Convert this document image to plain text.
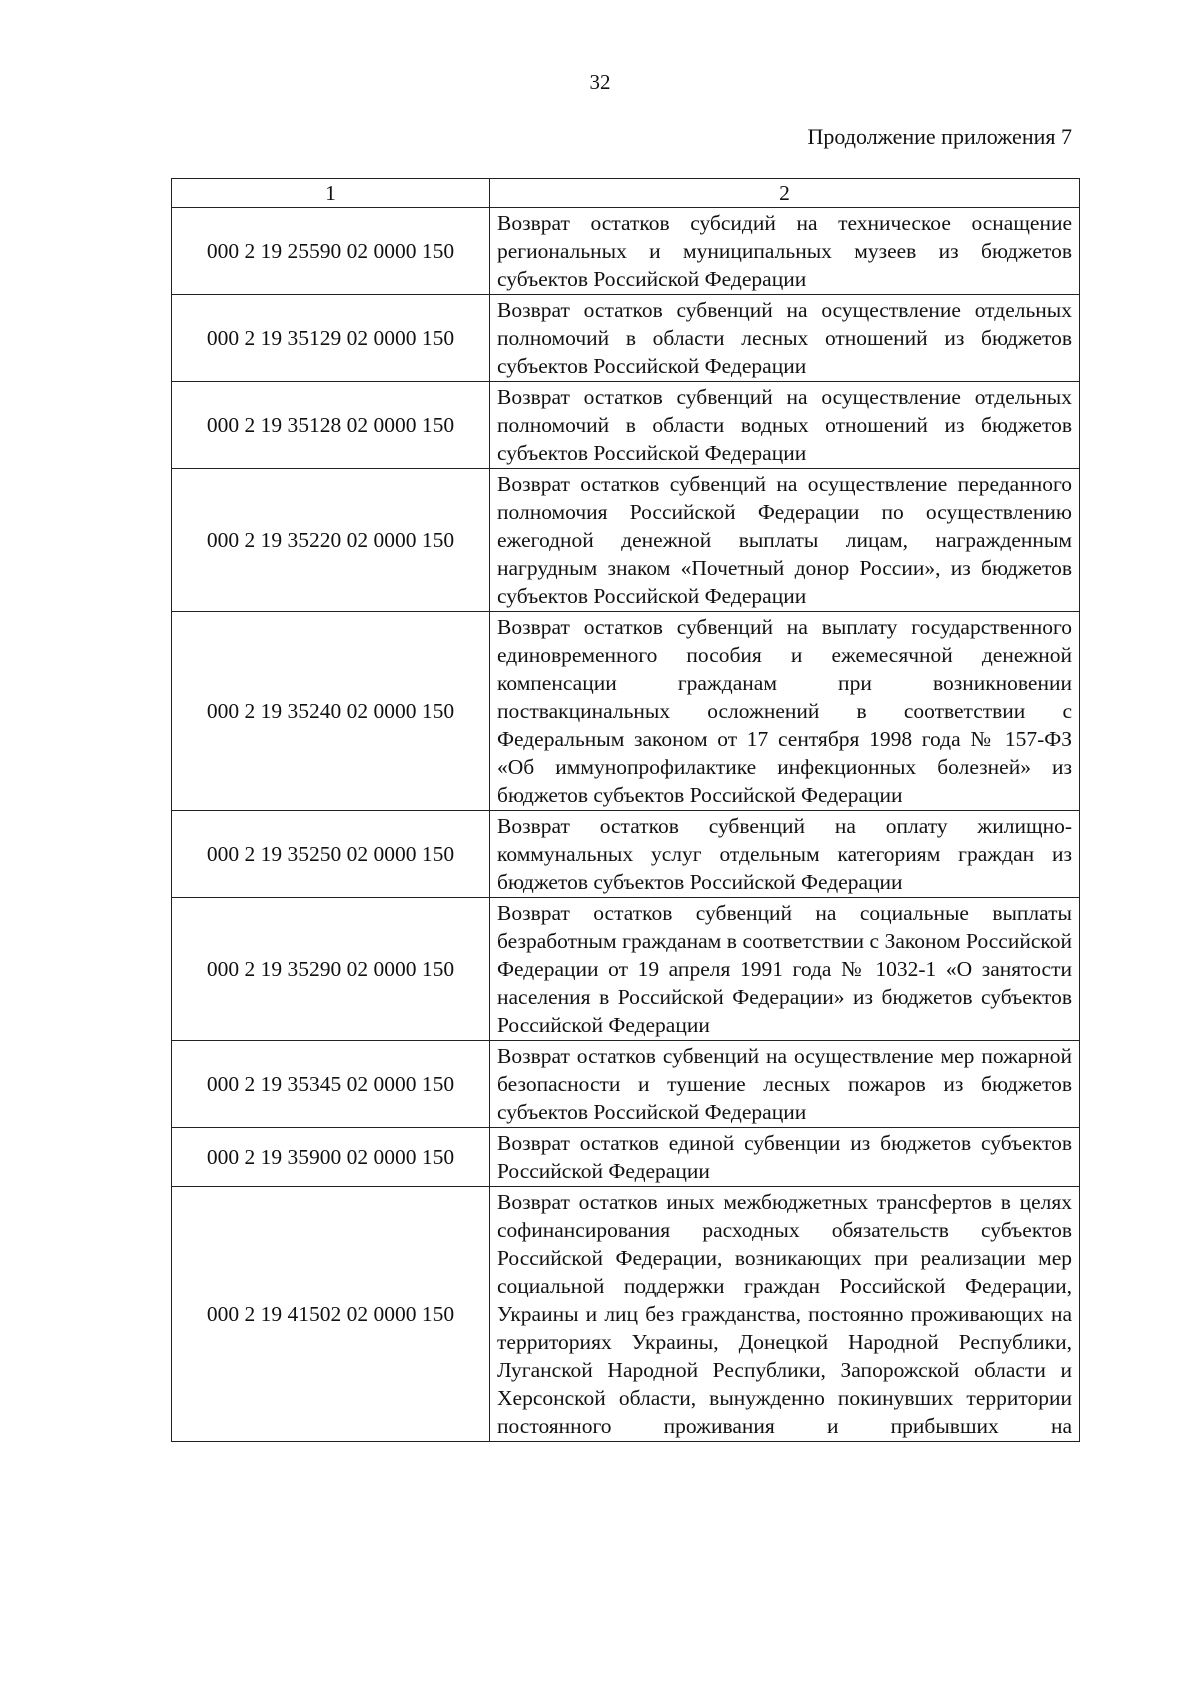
32
Продолжение приложения 7
1	2
000 2 19 25590 02 0000 150	Возврат остатков субсидий на техническое оснащение региональных и муниципальных музеев из бюджетов субъектов Российской Федерации
000 2 19 35129 02 0000 150	Возврат остатков субвенций на осуществление отдельных полномочий в области лесных отношений из бюджетов субъектов Российской Федерации
000 2 19 35128 02 0000 150	Возврат остатков субвенций на осуществление отдельных полномочий в области водных отношений из бюджетов субъектов Российской Федерации
000 2 19 35220 02 0000 150	Возврат остатков субвенций на осуществление переданного полномочия Российской Федерации по осуществлению ежегодной денежной выплаты лицам, награжденным нагрудным знаком «Почетный донор России», из бюджетов субъектов Российской Федерации
000 2 19 35240 02 0000 150	Возврат остатков субвенций на выплату государственного единовременного пособия и ежемесячной денежной компенсации гражданам при возникновении поствакцинальных осложнений в соответствии с Федеральным законом от 17 сентября 1998 года № 157-ФЗ «Об иммунопрофилактике инфекционных болезней» из бюджетов субъектов Российской Федерации
000 2 19 35250 02 0000 150	Возврат остатков субвенций на оплату жилищно-коммунальных услуг отдельным категориям граждан из бюджетов субъектов Российской Федерации
000 2 19 35290 02 0000 150	Возврат остатков субвенций на социальные выплаты безработным гражданам в соответствии с Законом Российской Федерации от 19 апреля 1991 года № 1032-1 «О занятости населения в Российской Федерации» из бюджетов субъектов Российской Федерации
000 2 19 35345 02 0000 150	Возврат остатков субвенций на осуществление мер пожарной безопасности и тушение лесных пожаров из бюджетов субъектов Российской Федерации
000 2 19 35900 02 0000 150	Возврат остатков единой субвенции из бюджетов субъектов Российской Федерации
000 2 19 41502 02 0000 150	Возврат остатков иных межбюджетных трансфертов в целях софинансирования расходных обязательств субъектов Российской Федерации, возникающих при реализации мер социальной поддержки граждан Российской Федерации, Украины и лиц без гражданства, постоянно проживающих на территориях Украины, Донецкой Народной Республики, Луганской Народной Республики, Запорожской области и Херсонской области, вынужденно покинувших территории постоянного проживания и прибывших на
